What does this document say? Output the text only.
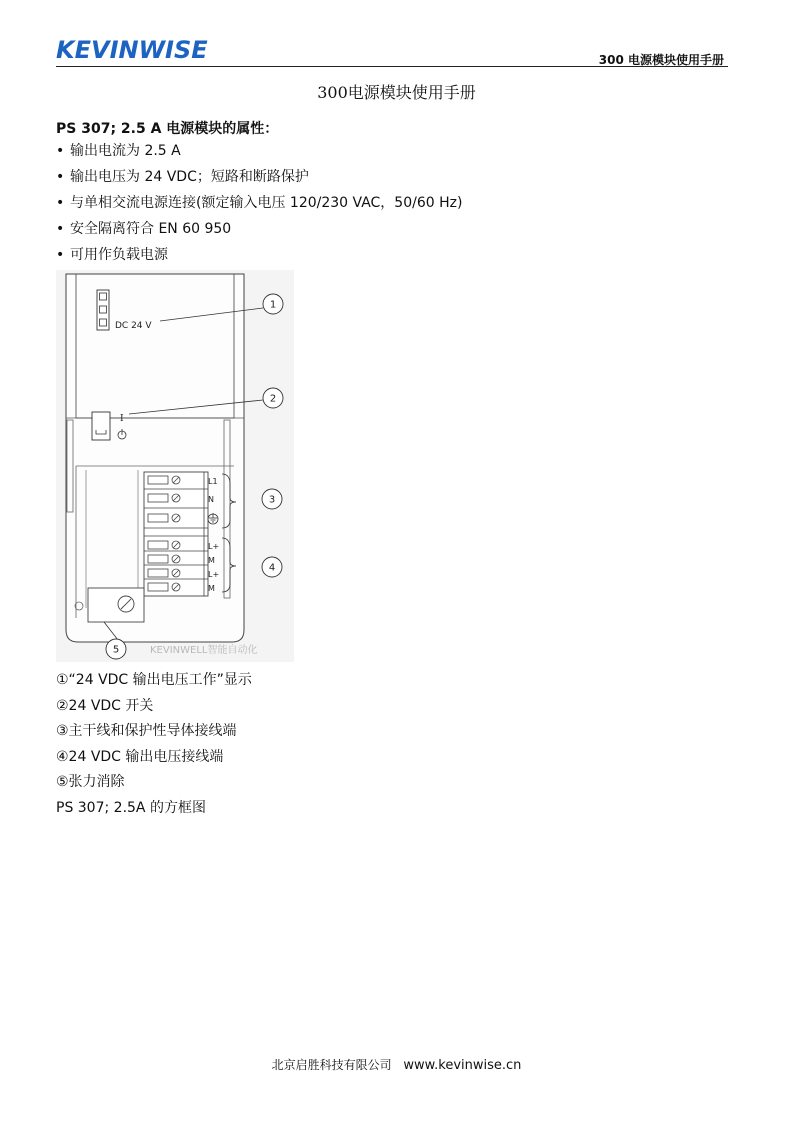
KEVINWISE	300 电源模块使用手册
300电源模块使用手册
PS 307; 2.5 A 电源模块的属性：
• 输出电流为 2.5 A
• 输出电压为 24 VDC；短路和断路保护
• 与单相交流电源连接(额定输入电压 120/230 VAC，50/60 Hz)
• 安全隔离符合 EN 60 950
• 可用作负载电源
DC 24 V
I
L1
N
L+
M
L+
M
1
2
3
4
5	KEVINWELL智能自动化
①“24 VDC 输出电压工作”显示
②24 VDC 开关
③主干线和保护性导体接线端
④24 VDC 输出电压接线端
⑤张力消除
PS 307; 2.5A 的方框图
北京启胜科技有限公司 www.kevinwise.cn
